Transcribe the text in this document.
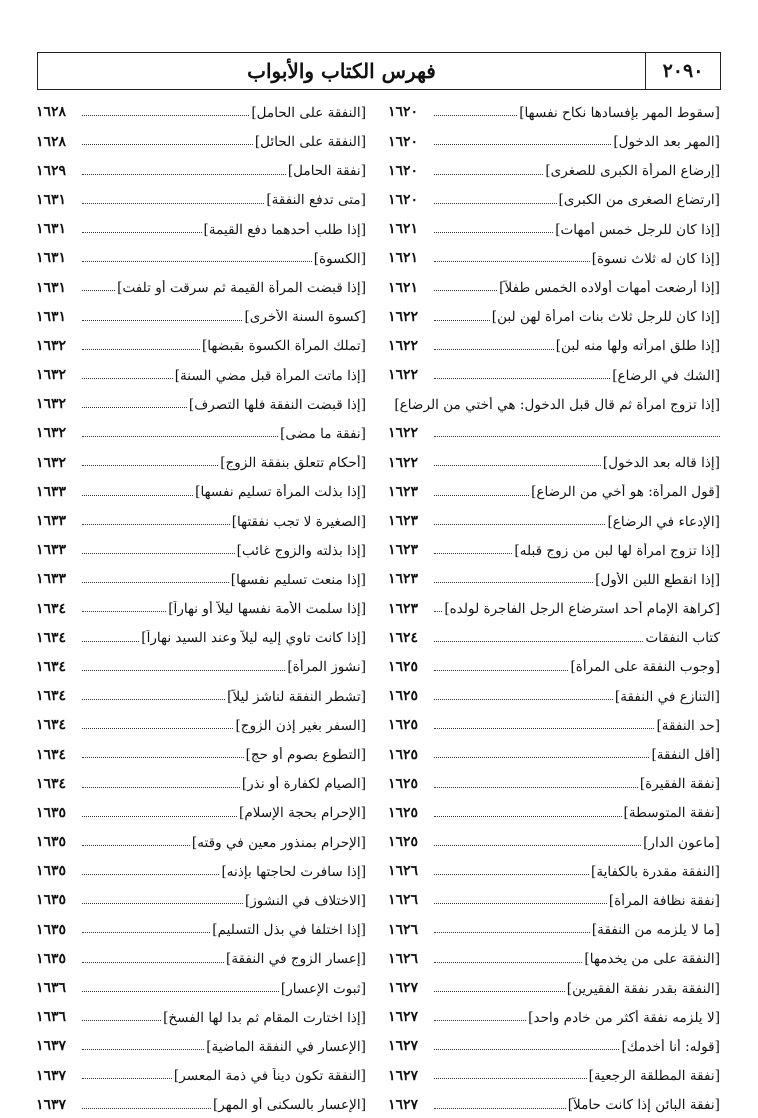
٢٠٩٠
فهرس الكتاب والأبواب
[سقوط المهر بإفساده‍ا نكاح نفسها]
١٦٢٠
[المهر بعد الدخول]
١٦٢٠
[إرضاع المرأة الكبرى للصغرى]
١٦٢٠
[ارتضاع الصغرى من الكبرى]
١٦٢٠
[إذا كان للرجل خمس أمهات]
١٦٢١
[إذا كان له ثلاث نسوة]
١٦٢١
[إذا أرضعت أمهات أولاده الخمس طفلاً]
١٦٢١
[إذا كان للرجل ثلاث بنات امرأة لهن لبن]
١٦٢٢
[إذا طلق امرأته ولها منه لبن]
١٦٢٢
[الشك في الرضاع]
١٦٢٢
[إذا تزوج امرأة ثم قال قبل الدخول: هي أختي من الرضاع]
١٦٢٢
[إذا قاله بعد الدخول]
١٦٢٢
[قول المرأة: هو أخي من الرضاع]
١٦٢٣
[الإدعاء في الرضاع]
١٦٢٣
[إذا تزوج امرأة لها لبن من زوج قبله]
١٦٢٣
[إذا انقطع اللبن الأول]
١٦٢٣
[كراهة الإمام أحد استرضاع الرجل الفاجرة لولده]
١٦٢٣
كتاب النفقات
١٦٢٤
[وجوب النفقة على المرأة]
١٦٢٥
[التنازع في النفقة]
١٦٢٥
[حد النفقة]
١٦٢٥
[أقل النفقة]
١٦٢٥
[نفقة الفقيرة]
١٦٢٥
[نفقة المتوسطة]
١٦٢٥
[ماعون الدار]
١٦٢٥
[النفقة مقدرة بالكفاية]
١٦٢٦
[نفقة نظافة المرأة]
١٦٢٦
[ما لا يلزمه من النفقة]
١٦٢٦
[النفقة على من يخدمها]
١٦٢٦
[النفقة بقدر نفقة الفقيرين]
١٦٢٧
[لا يلزمه نفقة أكثر من خادم واحد]
١٦٢٧
[قوله: أنا أخدمك]
١٦٢٧
[نفقة المطلقة الرجعية]
١٦٢٧
[نفقة البائن إذا كانت حاملاً]
١٦٢٧
[النفقة على الحامل]
١٦٢٨
[النفقة على الحائل]
١٦٢٨
[نفقة الحامل]
١٦٢٩
[متى تدفع النفقة]
١٦٣١
[إذا طلب أحدهما دفع القيمة]
١٦٣١
[الكسوة]
١٦٣١
[إذا قبضت المرأة القيمة ثم سرقت أو تلفت]
١٦٣١
[كسوة السنة الأخرى]
١٦٣١
[تملك المرأة الكسوة بقبضها]
١٦٣٢
[إذا ماتت المرأة قبل مضي السنة]
١٦٣٢
[إذا قبضت النفقة فلها التصرف]
١٦٣٢
[نفقة ما مضى]
١٦٣٢
[أحكام تتعلق بنفقة الزوج]
١٦٣٢
[إذا بذلت المرأة تسليم نفسها]
١٦٣٣
[الصغيرة لا تجب نفقتها]
١٦٣٣
[إذا بذلته والزوج غائب]
١٦٣٣
[إذا منعت تسليم نفسها]
١٦٣٣
[إذا سلمت الأمة نفسها ليلاً أو نهاراً]
١٦٣٤
[إذا كانت تاوي إليه ليلاً وعند السيد نهاراً]
١٦٣٤
[نشوز المرأة]
١٦٣٤
[تشطر النفقة لناشز ليلاً]
١٦٣٤
[السفر بغير إذن الزوج]
١٦٣٤
[التطوع بصوم أو حج]
١٦٣٤
[الصيام لكفارة أو نذر]
١٦٣٤
[الإحرام بحجة الإسلام]
١٦٣٥
[الإحرام بمنذور معين في وقته]
١٦٣٥
[إذا سافرت لحاجتها بإذنه]
١٦٣٥
[الاختلاف في النشوز]
١٦٣٥
[إذا اختلفا في بذل التسليم]
١٦٣٥
[إعسار الزوج في النفقة]
١٦٣٥
[ثبوت الإعسار]
١٦٣٦
[إذا اختارت المقام ثم بدا لها الفسخ]
١٦٣٦
[الإعسار في النفقة الماضية]
١٦٣٧
[النفقة تكون ديناً في ذمة المعسر]
١٦٣٧
[الإعسار بالسكنى أو المهر]
١٦٣٧
